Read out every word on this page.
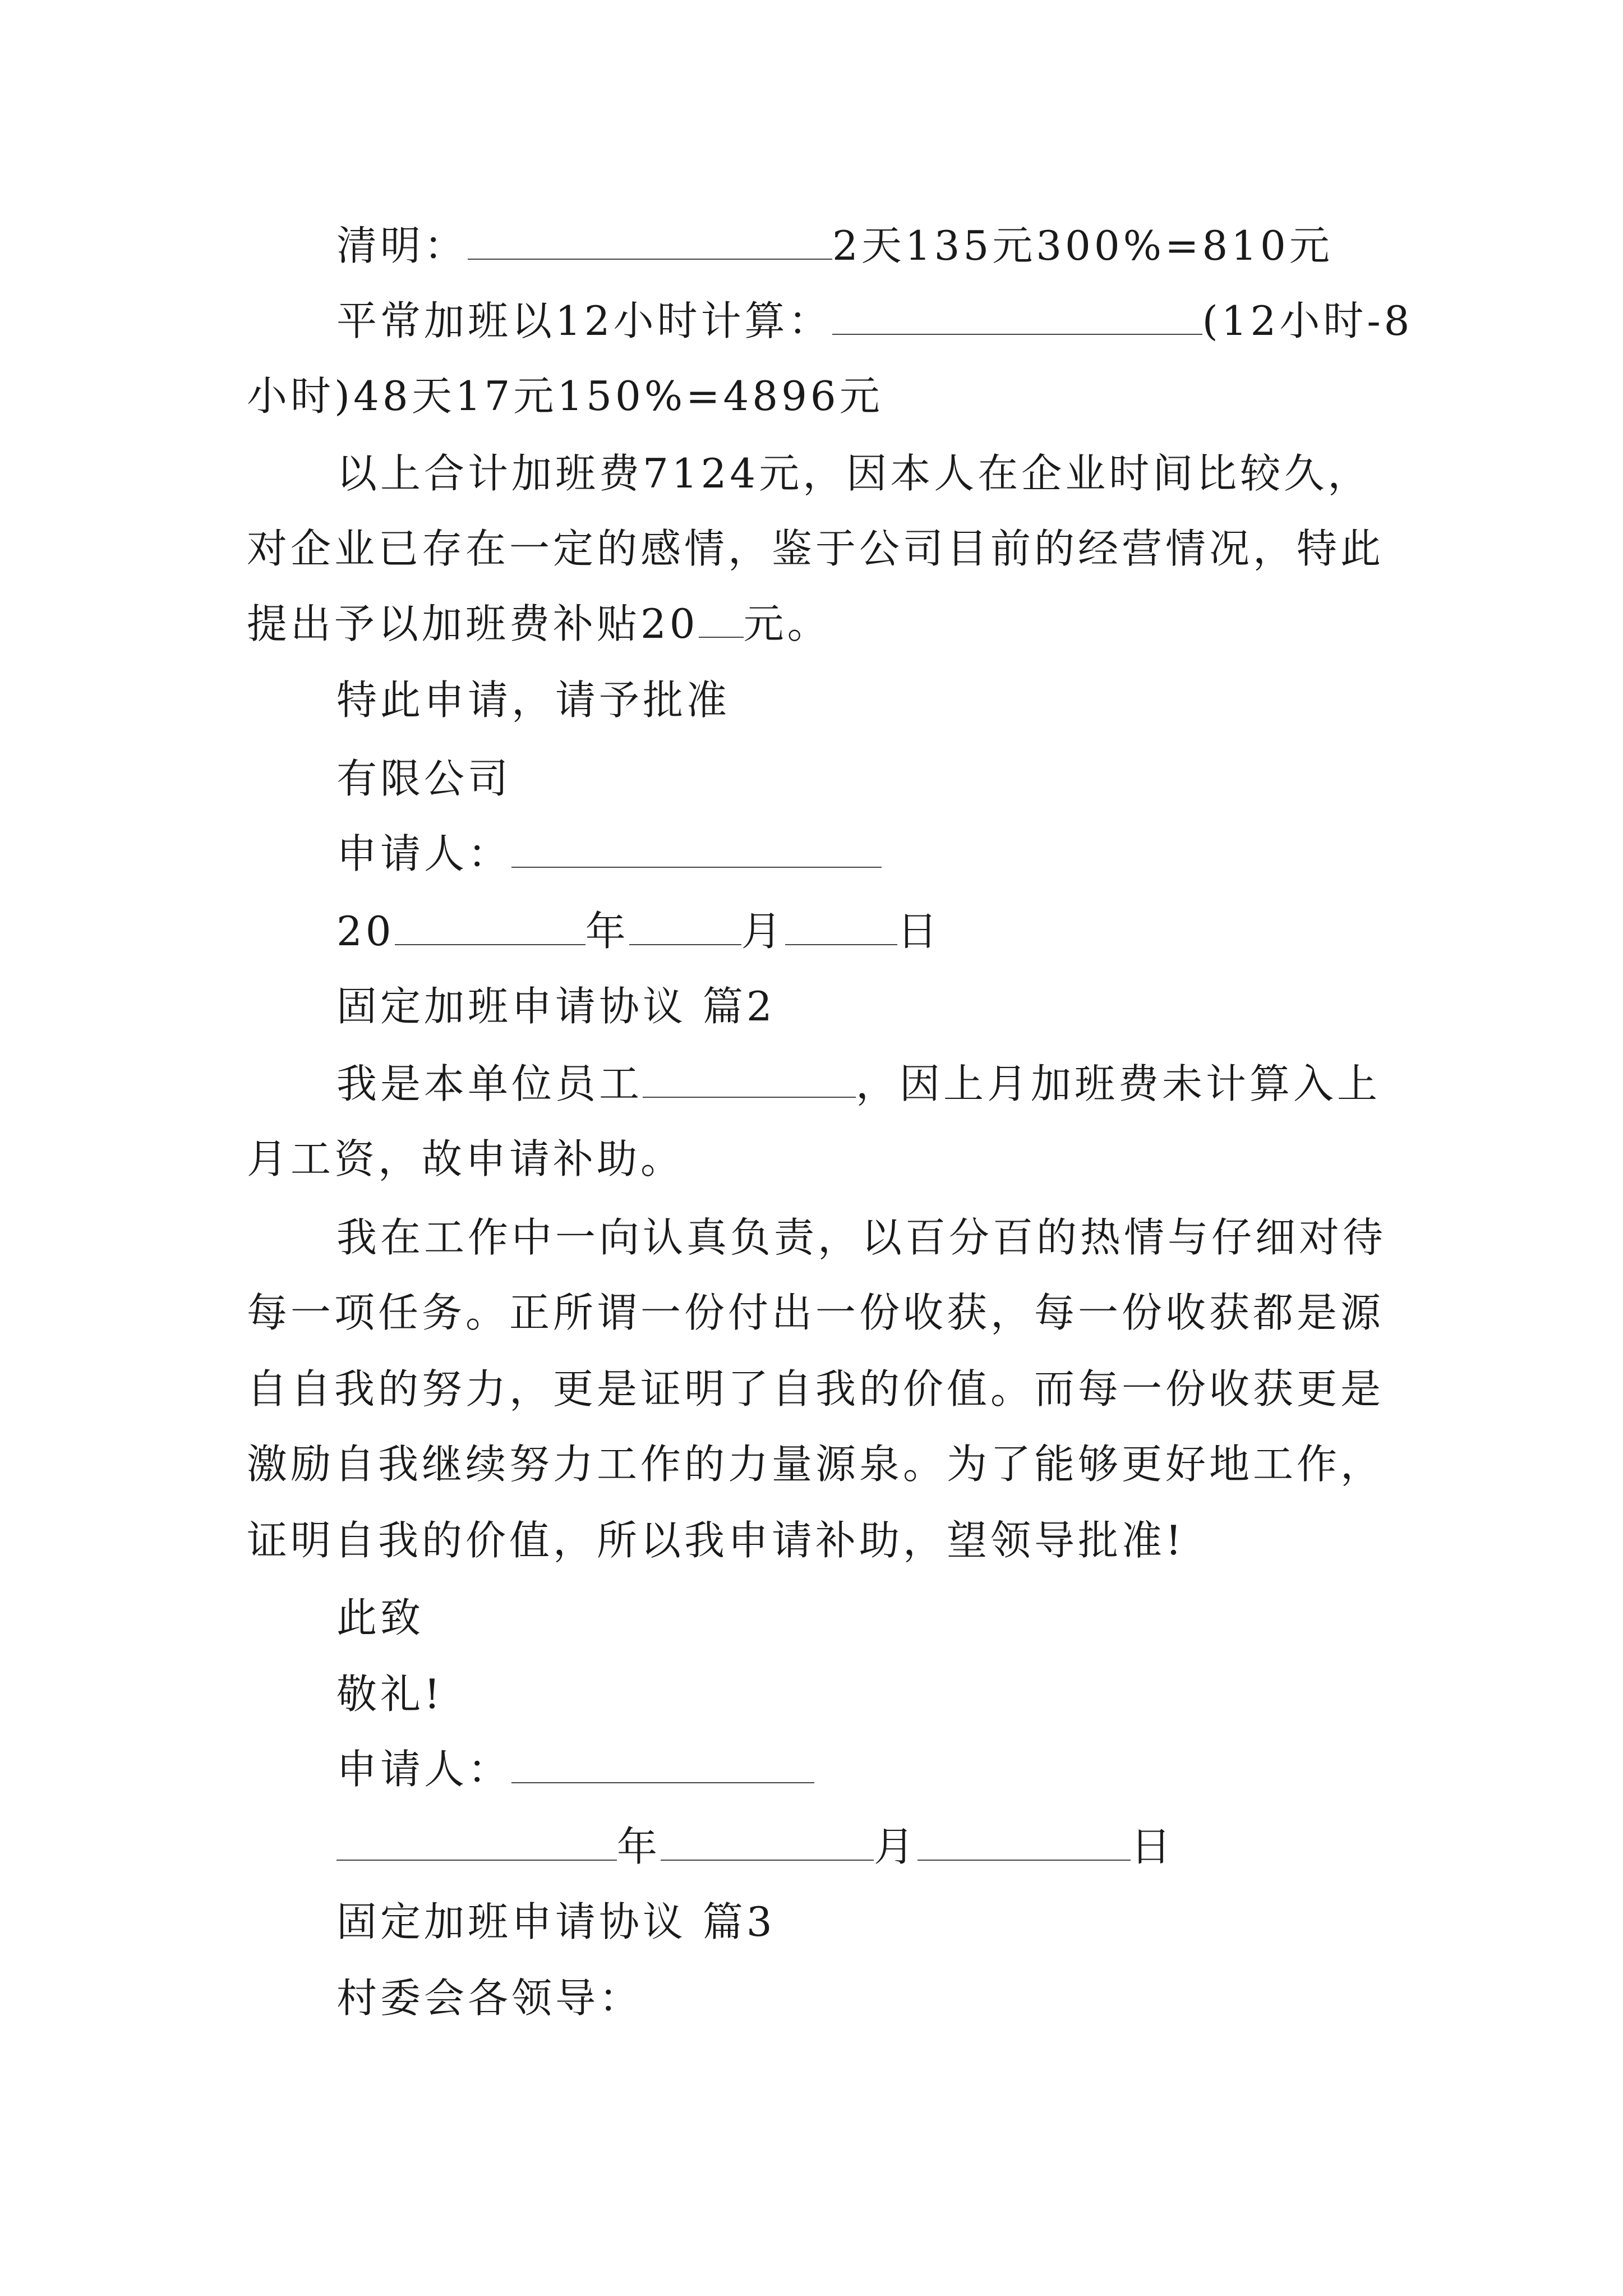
清明：	2天135元300%=810元
平常加班以12小时计算：	(12小时-8
小时)48天17元150%=4896元
以上合计加班费7124元，因本人在企业时间比较久，
对企业已存在一定的感情，鉴于公司目前的经营情况，特此
提出予以加班费补贴20 元。
特此申请，请予批准
有限公司
申请人：
20	年	月	日
固定加班申请协议 篇2
我是本单位员工	，因上月加班费未计算入上
月工资，故申请补助。
我在工作中一向认真负责，以百分百的热情与仔细对待
每一项任务。正所谓一份付出一份收获，每一份收获都是源
自自我的努力，更是证明了自我的价值。而每一份收获更是
激励自我继续努力工作的力量源泉。为了能够更好地工作，
证明自我的价值，所以我申请补助，望领导批准!
此致
敬礼!
申请人：
年	月	日
固定加班申请协议 篇3
村委会各领导：
